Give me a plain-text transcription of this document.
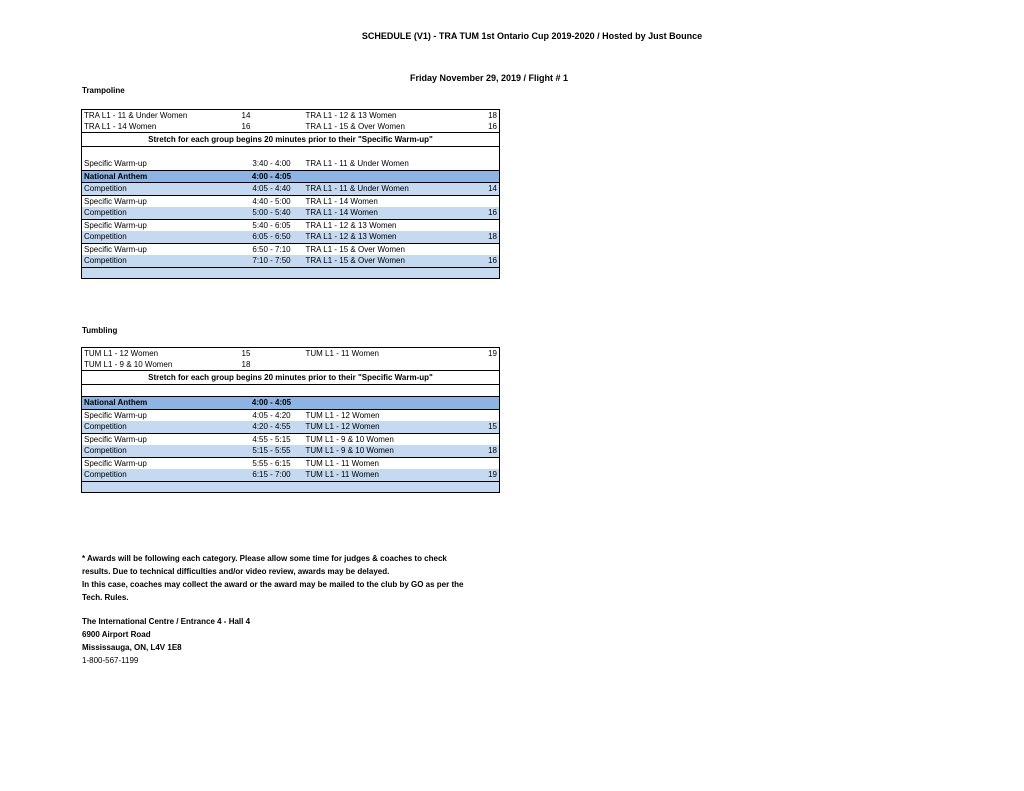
SCHEDULE (V1) - TRA TUM 1st Ontario Cup 2019-2020 / Hosted by Just Bounce
Friday November 29, 2019 / Flight # 1
Trampoline
TRA L1 - 11 & Under Women	14	TRA L1 - 12 & 13 Women	18
TRA L1 - 14 Women	16	TRA L1 - 15 & Over Women	16
Stretch for each group begins 20 minutes prior to their "Specific Warm-up"			

Specific Warm-up	3:40 - 4:00	TRA L1 - 11 & Under Women	
National Anthem	4:00 - 4:05		
Competition	4:05 - 4:40	TRA L1 - 11 & Under Women	14
Specific Warm-up	4:40 - 5:00	TRA L1 - 14 Women	
Competition	5:00 - 5:40	TRA L1 - 14 Women	16
Specific Warm-up	5:40 - 6:05	TRA L1 - 12 & 13 Women	
Competition	6:05 - 6:50	TRA L1 - 12 & 13 Women	18
Specific Warm-up	6:50 - 7:10	TRA L1 - 15 & Over Women	
Competition	7:10 - 7:50	TRA L1 - 15 & Over Women	16

Tumbling
TUM L1 - 12 Women	15	TUM L1 - 11 Women	19
TUM L1 - 9 & 10 Women	18		
Stretch for each group begins 20 minutes prior to their "Specific Warm-up"			

National Anthem	4:00 - 4:05		
Specific Warm-up	4:05 - 4:20	TUM L1 - 12 Women	
Competition	4:20 - 4:55	TUM L1 - 12 Women	15
Specific Warm-up	4:55 - 5:15	TUM L1 - 9 & 10 Women	
Competition	5:15 - 5:55	TUM L1 - 9 & 10 Women	18
Specific Warm-up	5:55 - 6:15	TUM L1 - 11 Women	
Competition	6:15 - 7:00	TUM L1 - 11 Women	19

* Awards will be following each category. Please allow some time for judges & coaches to check
results. Due to technical difficulties and/or video review, awards may be delayed.
In this case, coaches may collect the award or the award may be mailed to the club by GO as per the
Tech. Rules.
The International Centre / Entrance 4 - Hall 4
6900 Airport Road
Mississauga, ON, L4V 1E8
1-800-567-1199
